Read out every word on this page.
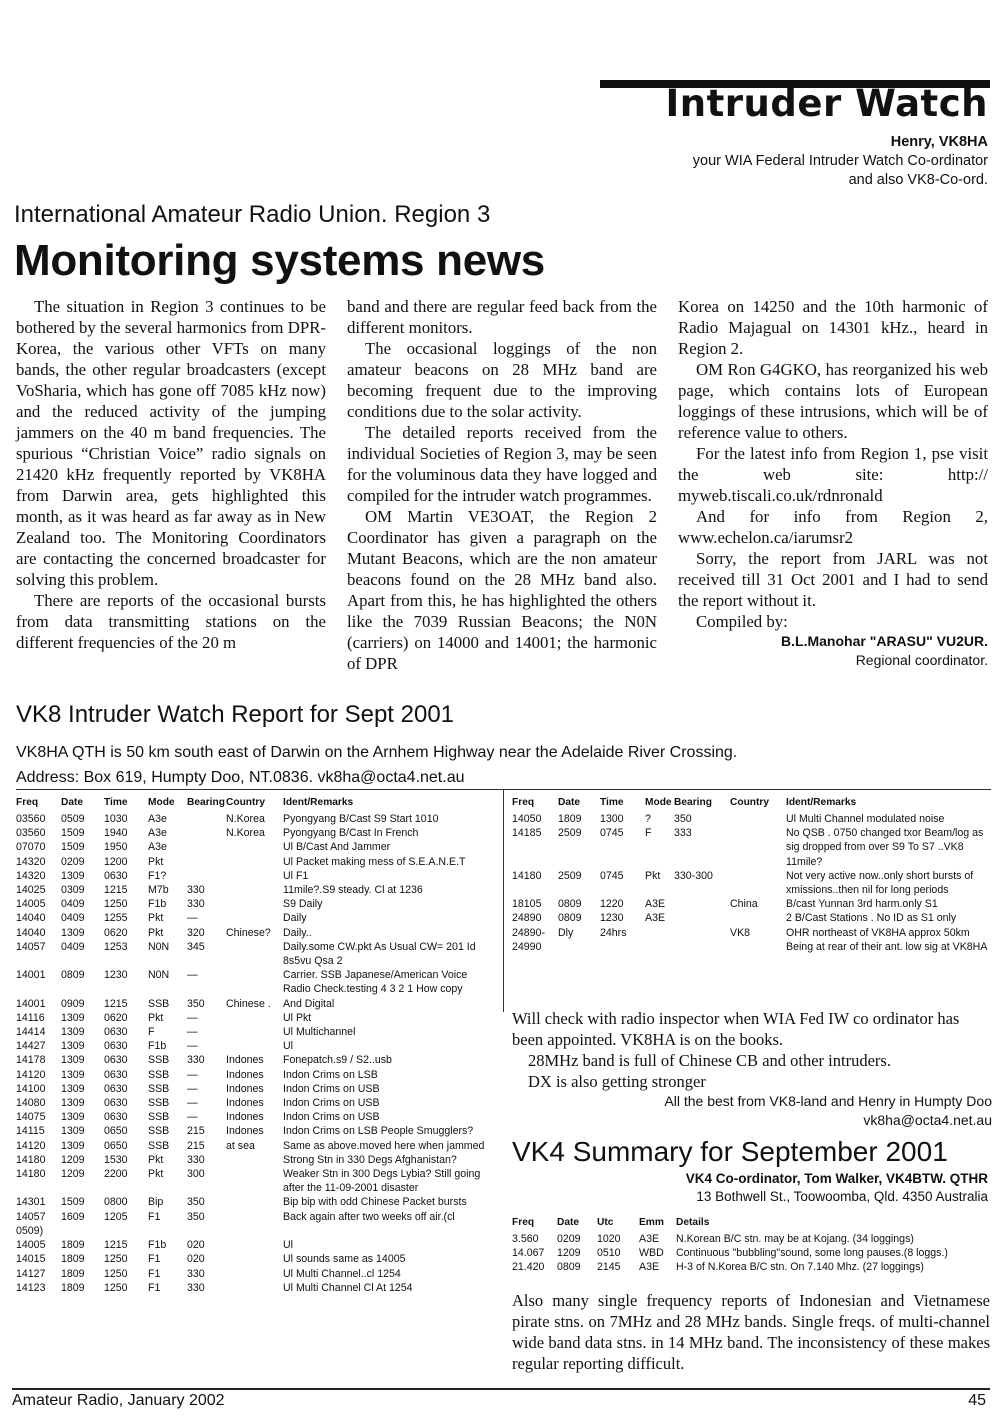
Intruder Watch
Henry, VK8HA
your WIA Federal Intruder Watch Co-ordinator
and also VK8-Co-ord.
International Amateur Radio Union. Region 3
Monitoring systems news

The situation in Region 3 continues to be bothered by the several harmonics from DPR-Korea, the various other VFTs on many bands, the other regular broadcasters (except VoSharia, which has gone off 7085 kHz now) and the reduced activity of the jumping jammers on the 40 m band frequencies. The spurious “Christian Voice” radio signals on 21420 kHz frequently reported by VK8HA from Darwin area, gets highlighted this month, as it was heard as far away as in New Zealand too. The Monitoring Coordinators are contacting the concerned broadcaster for solving this problem.

There are reports of the occasional bursts from data transmitting stations on the different frequencies of the 20 m

band and there are regular feed back from the different monitors.

The occasional loggings of the non amateur beacons on 28 MHz band are becoming frequent due to the improving conditions due to the solar activity.

The detailed reports received from the individual Societies of Region 3, may be seen for the voluminous data they have logged and compiled for the intruder watch programmes.

OM Martin VE3OAT, the Region 2 Coordinator has given a paragraph on the Mutant Beacons, which are the non amateur beacons found on the 28 MHz band also. Apart from this, he has highlighted the others like the 7039 Russian Beacons; the N0N (carriers) on 14000 and 14001; the harmonic of DPR

Korea on 14250 and the 10th harmonic of Radio Majagual on 14301 kHz., heard in Region 2.

OM Ron G4GKO, has reorganized his web page, which contains lots of European loggings of these intrusions, which will be of reference value to others.

For the latest info from Region 1, pse visit the web site: http:// myweb.tiscali.co.uk/rdnronald

And for info from Region 2, www.echelon.ca/iarumsr2

Sorry, the report from JARL was not received till 31 Oct 2001 and I had to send the report without it.

Compiled by:

B.L.Manohar "ARASU" VU2UR.
Regional coordinator.
VK8 Intruder Watch Report for Sept 2001
VK8HA QTH is 50 km south east of Darwin on the Arnhem Highway near the Adelaide River Crossing.
Address: Box 619, Humpty Doo, NT.0836. vk8ha@octa4.net.au
Freq	Date	Time	Mode	Bearing	Country	Ident/Remarks
03560	0509	1030	A3e		N.Korea	Pyongyang B/Cast S9 Start 1010
03560	1509	1940	A3e		N.Korea	Pyongyang B/Cast In French
07070	1509	1950	A3e			Ul B/Cast And Jammer
14320	0209	1200	Pkt			Ul Packet making mess of S.E.A.N.E.T
14320	1309	0630	F1?			Ul F1
14025	0309	1215	M7b	330		11mile?.S9 steady. Cl at 1236
14005	0409	1250	F1b	330		S9 Daily
14040	0409	1255	Pkt	—		Daily
14040	1309	0620	Pkt	320	Chinese?	Daily..
14057	0409	1253	N0N	345		Daily.some CW.pkt As Usual CW= 201 Id 8s5vu Qsa 2
14001	0809	1230	N0N	—		Carrier. SSB Japanese/American Voice Radio Check.testing 4 3 2 1 How copy
14001	0909	1215	SSB	350	Chinese .	And Digital
14116	1309	0620	Pkt	—		Ul Pkt
14414	1309	0630	F	—		Ul Multichannel
14427	1309	0630	F1b	—		Ul
14178	1309	0630	SSB	330	Indones	Fonepatch.s9 / S2..usb
14120	1309	0630	SSB	—	Indones	Indon Crims on LSB
14100	1309	0630	SSB	—	Indones	Indon Crims on USB
14080	1309	0630	SSB	—	Indones	Indon Crims on USB
14075	1309	0630	SSB	—	Indones	Indon Crims on USB
14115	1309	0650	SSB	215	Indones	Indon Crims on LSB People Smugglers?
14120	1309	0650	SSB	215	at sea	Same as above.moved here when jammed
14180	1209	1530	Pkt	330		Strong Stn in 330 Degs Afghanistan?
14180	1209	2200	Pkt	300		Weaker Stn in 300 Degs Lybia? Still going after the 11-09-2001 disaster
14301	1509	0800	Bip	350		Bip bip with odd Chinese Packet bursts
14057 0509)	1609	1205	F1	350		Back again after two weeks off air.(cl
14005	1809	1215	F1b	020		Ul
14015	1809	1250	F1	020		Ul sounds same as 14005
14127	1809	1250	F1	330		Ul Multi Channel..cl 1254
14123	1809	1250	F1	330		Ul Multi Channel Cl At 1254
Freq	Date	Time	Mode	Bearing	Country	Ident/Remarks
14050	1809	1300	?	350		Ul Multi Channel modulated noise
14185	2509	0745	F	333		No QSB . 0750 changed txor Beam/log as sig dropped from over S9 To S7 ..VK8 11mile?
14180	2509	0745	Pkt	330-300		Not very active now..only short bursts of xmissions..then nil for long periods
18105	0809	1220	A3E		China	B/cast Yunnan 3rd harm.only S1
24890	0809	1230	A3E			2 B/Cast Stations . No ID as S1 only
24890- 24990	Dly	24hrs			VK8	OHR northeast of VK8HA approx 50km Being at rear of their ant. low sig at VK8HA
Will check with radio inspector when WIA Fed IW co ordinator has been appointed. VK8HA is on the books.
28MHz band is full of Chinese CB and other intruders.
DX is also getting stronger
All the best from VK8-land and Henry in Humpty Doo
vk8ha@octa4.net.au
VK4 Summary for September 2001
VK4 Co-ordinator, Tom Walker, VK4BTW. QTHR
13 Bothwell St., Toowoomba, Qld. 4350 Australia
Freq	Date	Utc	Emm	Details
3.560	0209	1020	A3E	N.Korean B/C stn. may be at Kojang. (34 loggings)
14.067	1209	0510	WBD	Continuous "bubbling"sound, some long pauses.(8 loggs.)
21.420	0809	2145	A3E	H-3 of N.Korea B/C stn. On 7.140 Mhz. (27 loggings)
Also many single frequency reports of Indonesian and Vietnamese pirate stns. on 7MHz and 28 MHz bands. Single freqs. of multi-channel wide band data stns. in 14 MHz band. The inconsistency of these makes regular reporting difficult.
Amateur Radio, January 2002	45
